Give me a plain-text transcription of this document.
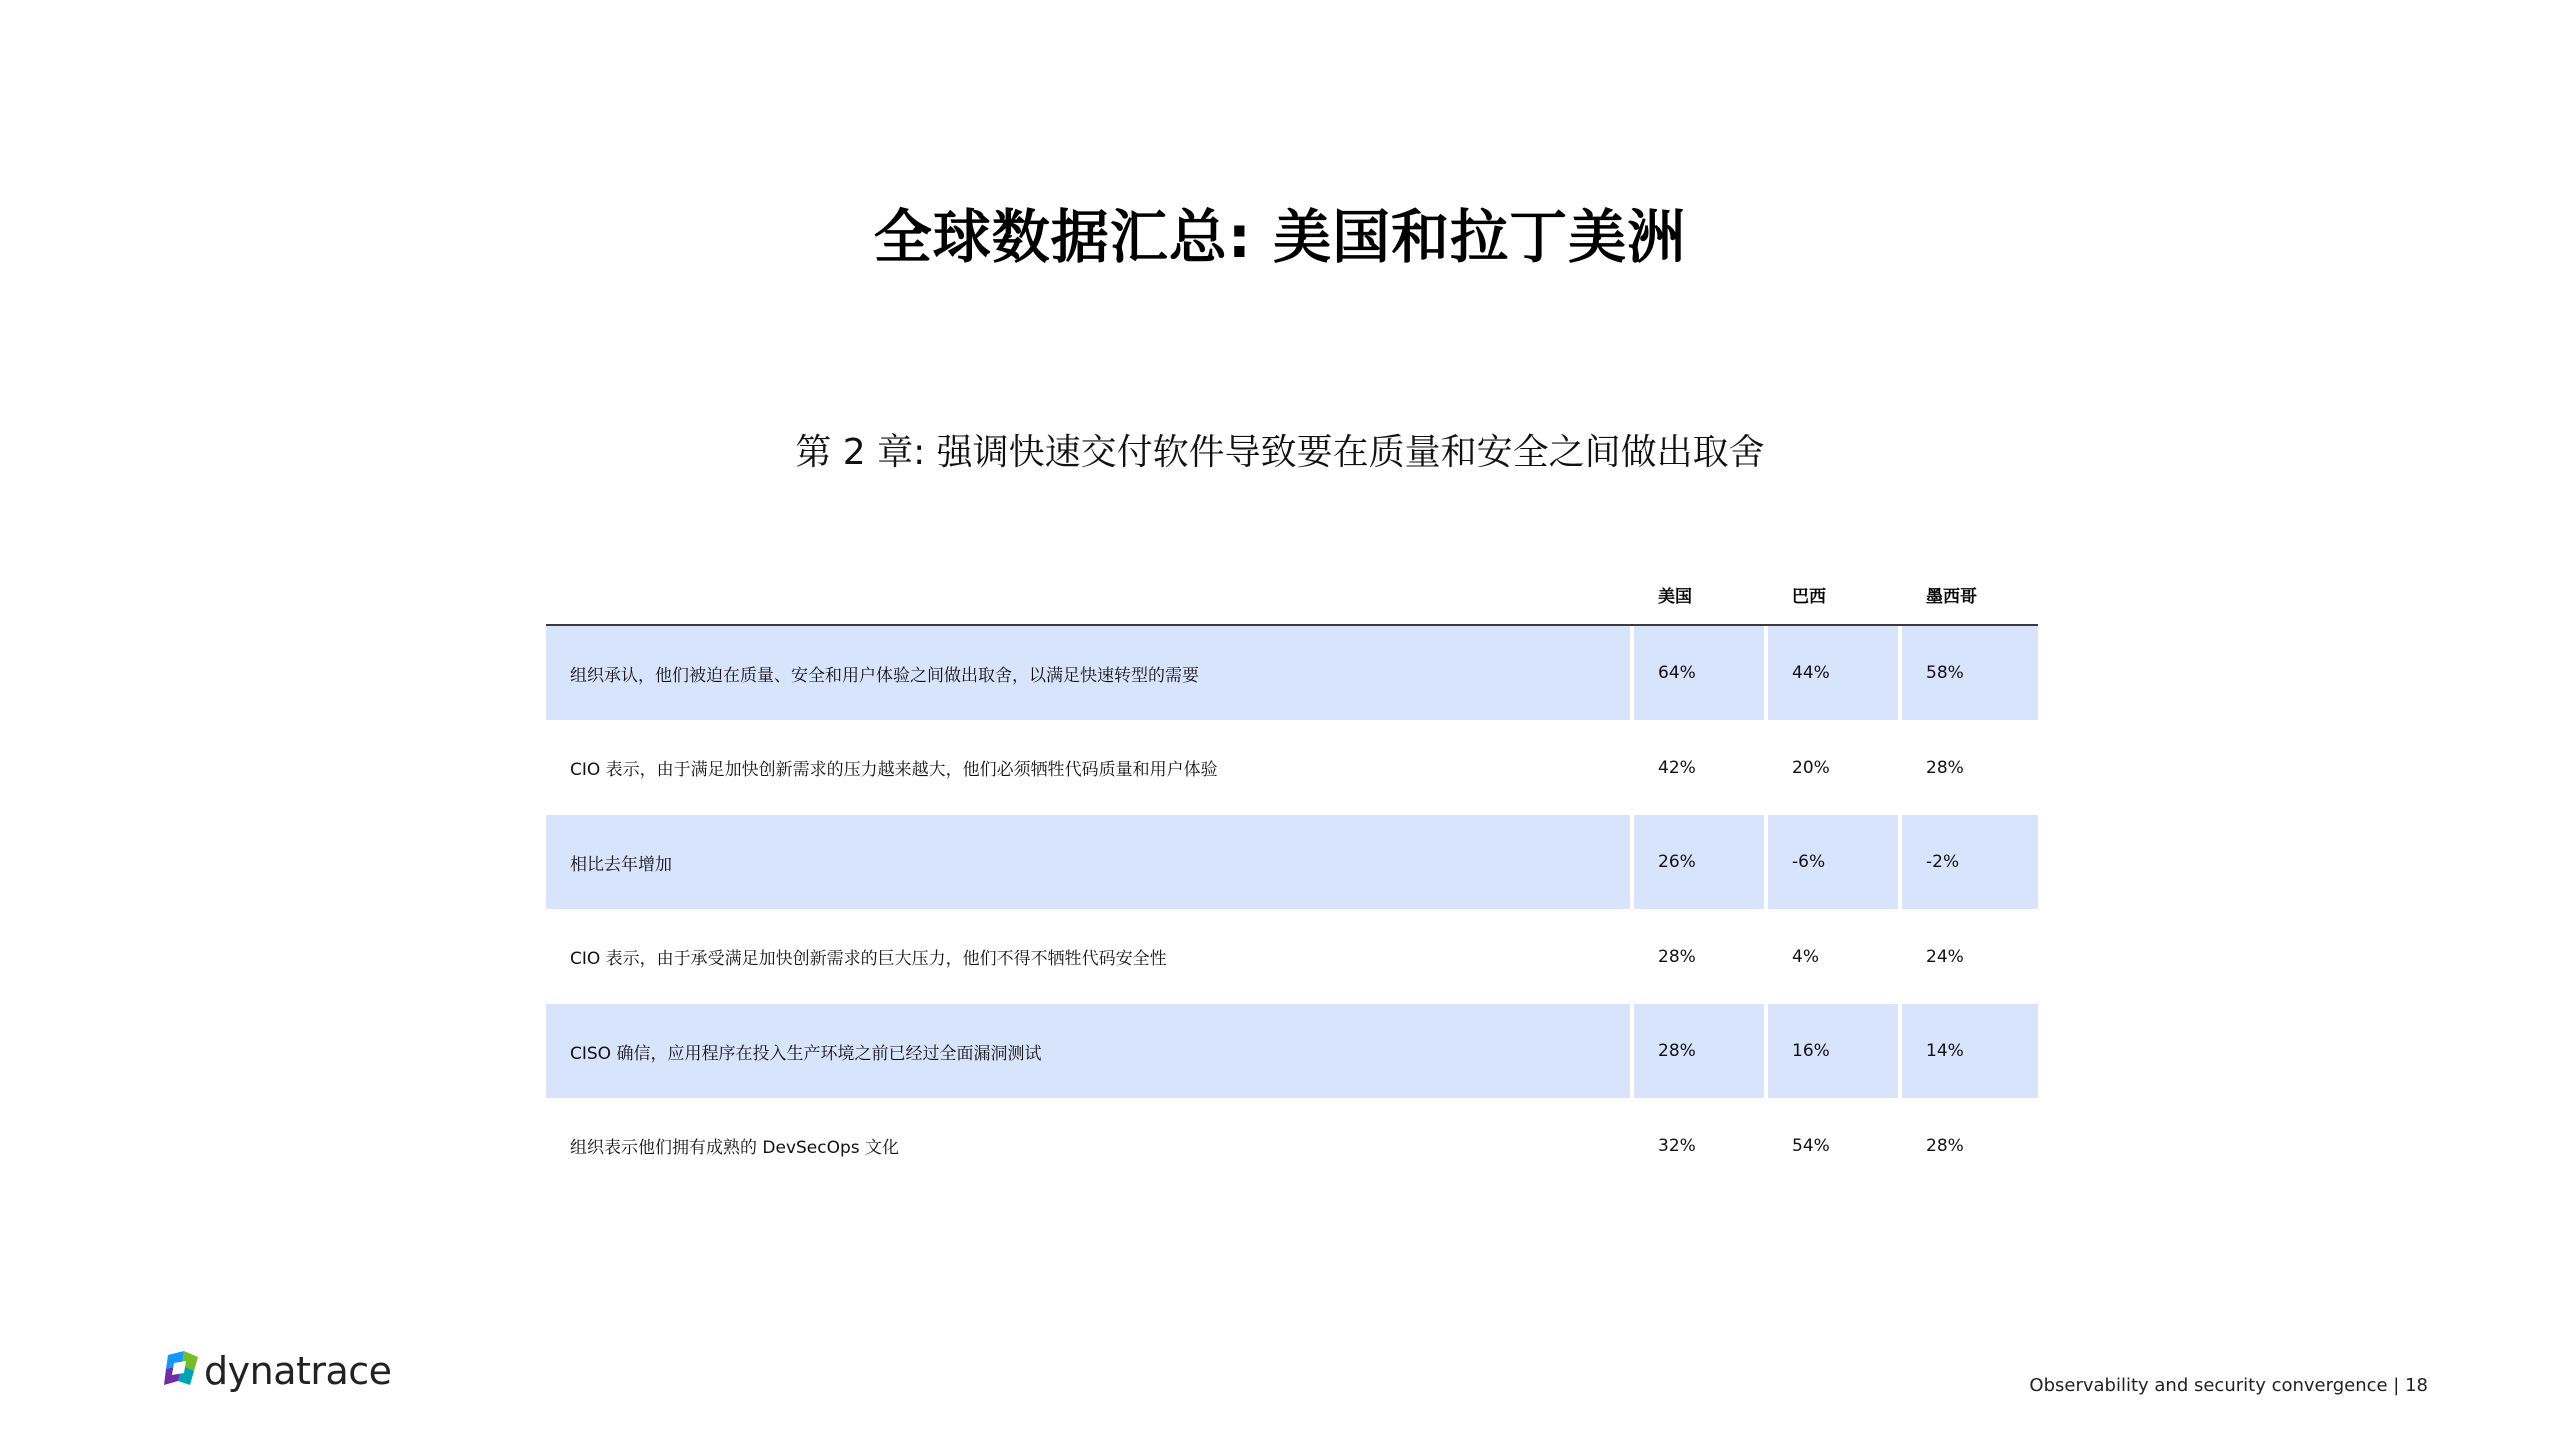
全球数据汇总: 美国和拉丁美洲
第 2 章: 强调快速交付软件导致要在质量和安全之间做出取舍
美国	巴西	墨西哥
组织承认，他们被迫在质量、安全和用户体验之间做出取舍，以满足快速转型的需要	64%	44%	58%
CIO 表示，由于满足加快创新需求的压力越来越大，他们必须牺牲代码质量和用户体验	42%	20%	28%
相比去年增加	26%	-6%	-2%
CIO 表示，由于承受满足加快创新需求的巨大压力，他们不得不牺牲代码安全性	28%	4%	24%
CISO 确信，应用程序在投入生产环境之前已经过全面漏洞测试	28%	16%	14%
组织表示他们拥有成熟的 DevSecOps 文化	32%	54%	28%
dynatrace	Observability and security convergence | 18
